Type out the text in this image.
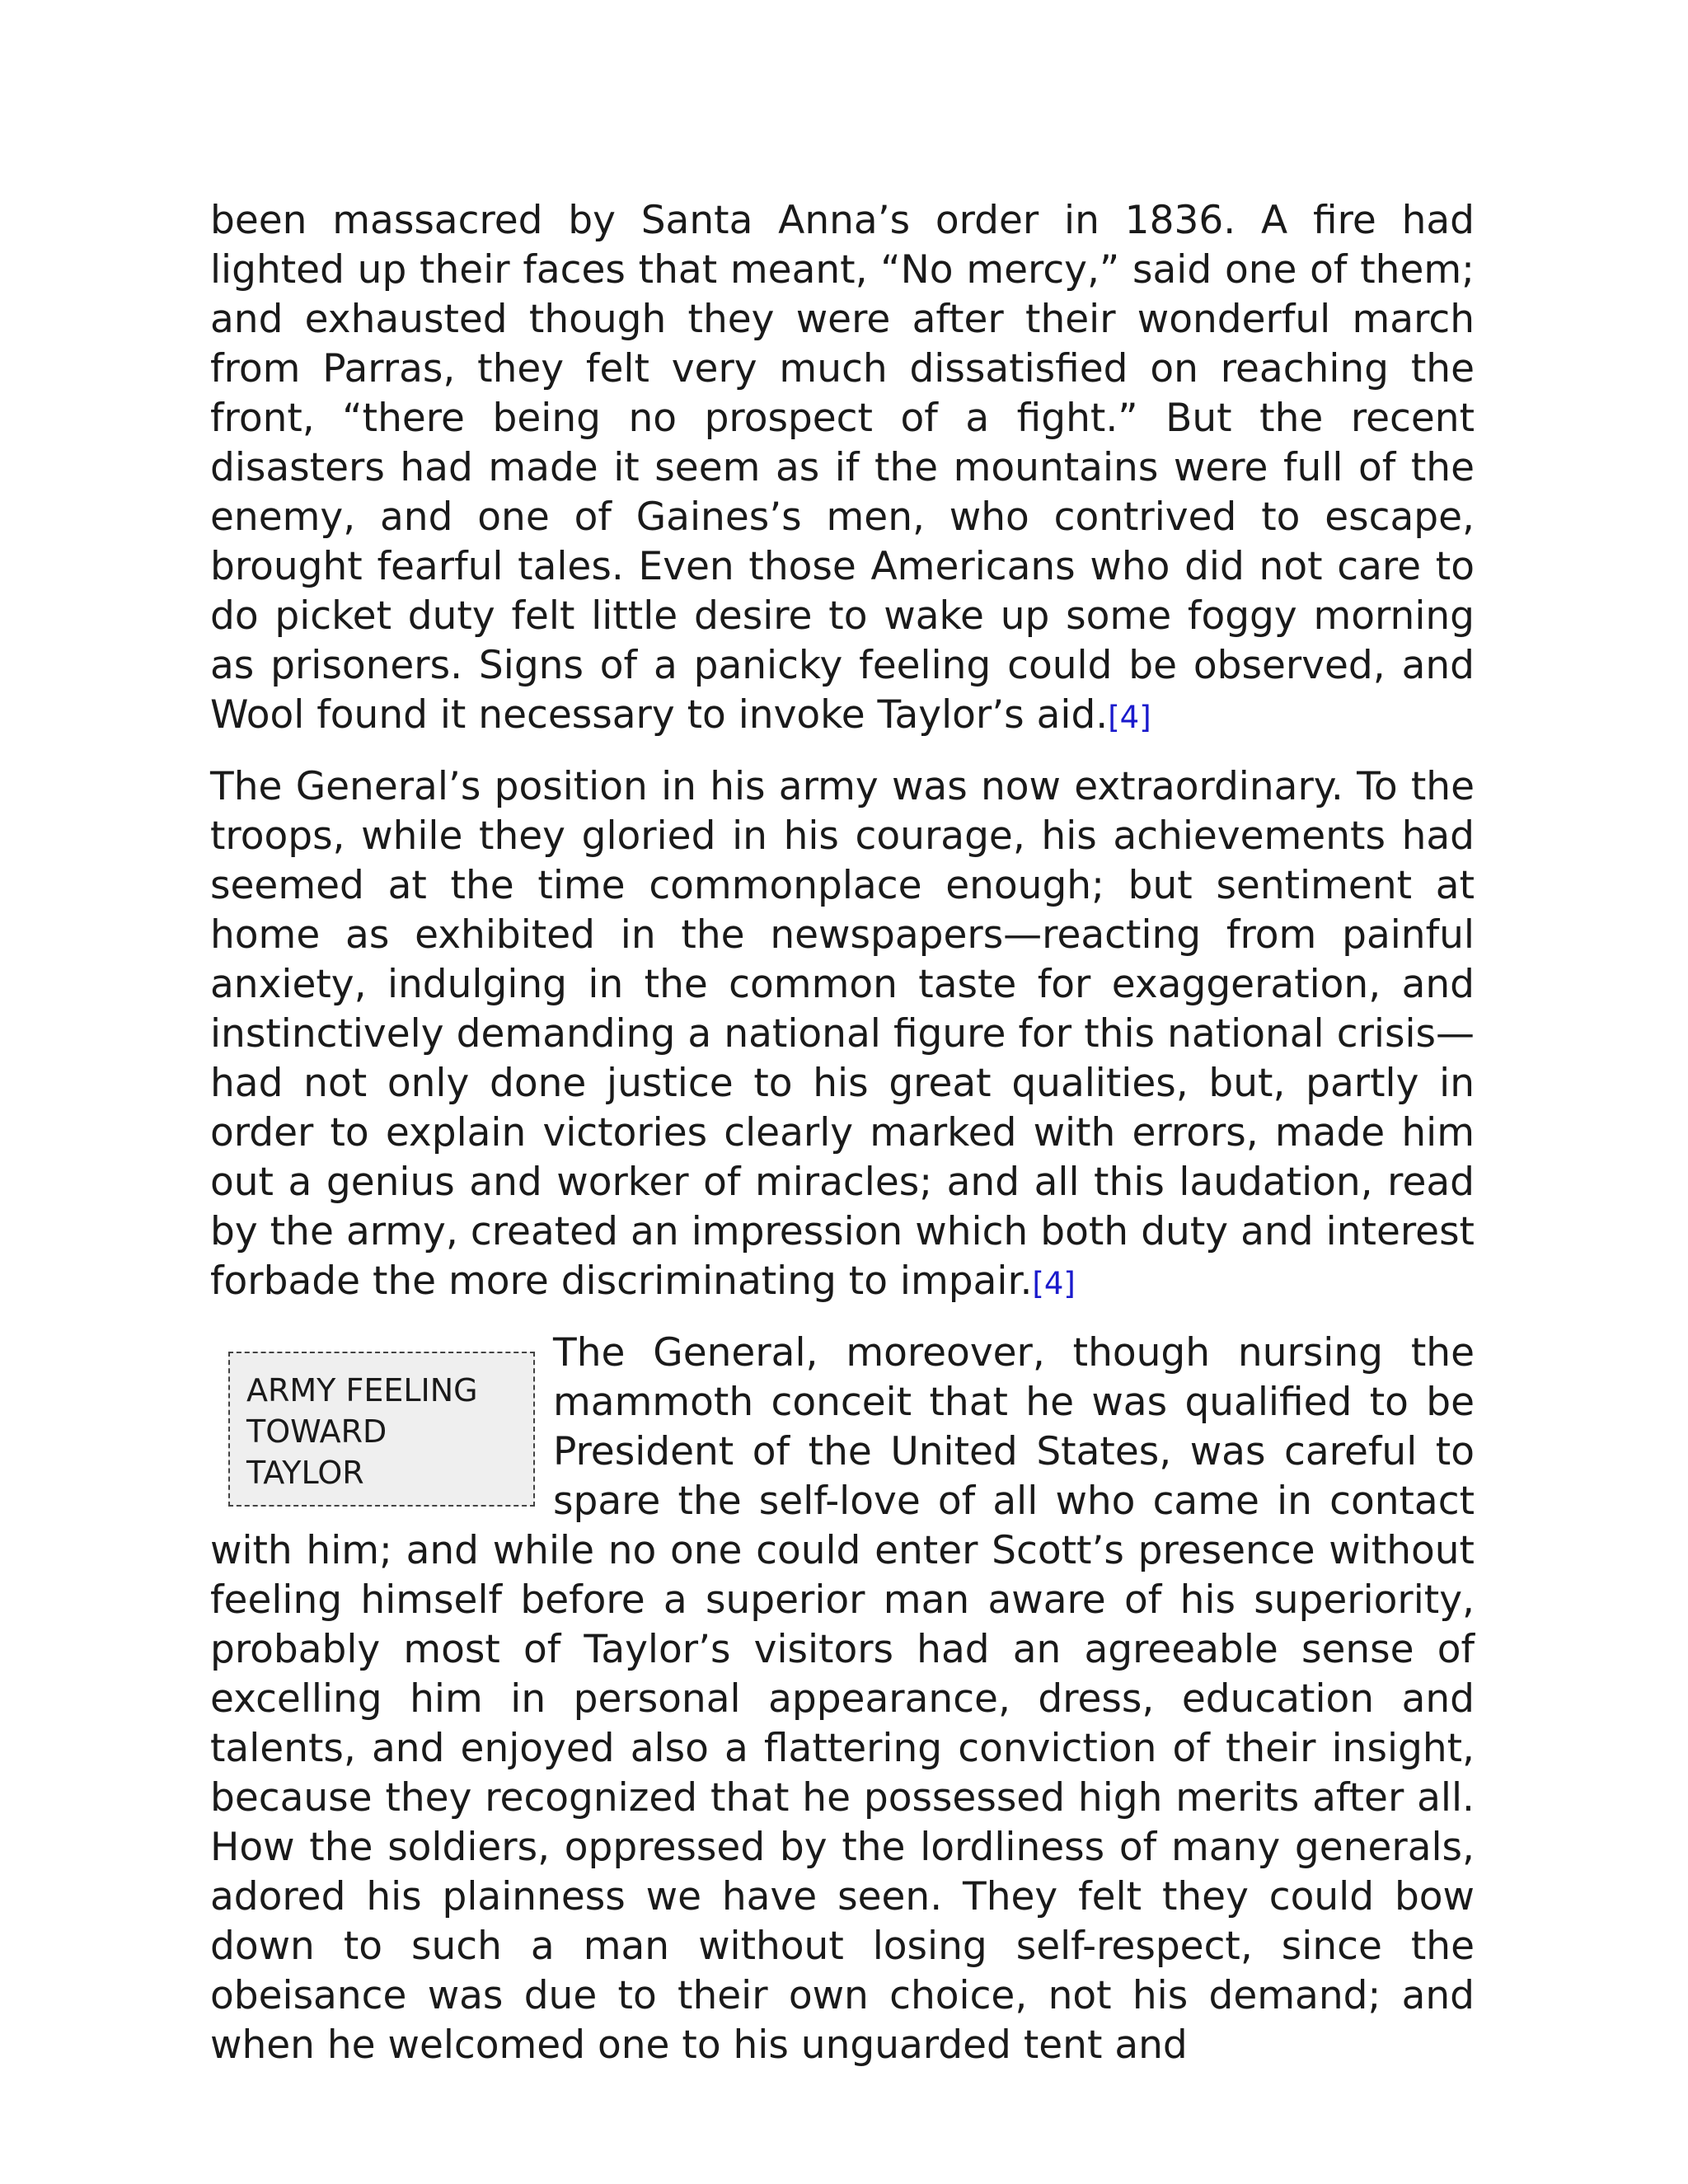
been massacred by Santa Anna’s order in 1836. A fire had lighted up their faces that meant, “No mercy,” said one of them; and exhausted though they were after their wonderful march from Parras, they felt very much dissatisfied on reaching the front, “there being no prospect of a fight.” But the recent disasters had made it seem as if the mountains were full of the enemy, and one of Gaines’s men, who contrived to escape, brought fearful tales. Even those Americans who did not care to do picket duty felt little desire to wake up some foggy morning as prisoners. Signs of a panicky feeling could be observed, and Wool found it necessary to invoke Taylor’s aid.[4]

The General’s position in his army was now extraordinary. To the troops, while they gloried in his courage, his achievements had seemed at the time commonplace enough; but sentiment at home as exhibited in the newspapers—reacting from painful anxiety, indulging in the common taste for exaggeration, and instinctively demanding a national figure for this national crisis—had not only done justice to his great qualities, but, partly in order to explain victories clearly marked with errors, made him out a genius and worker of miracles; and all this laudation, read by the army, created an impression which both duty and interest forbade the more discriminating to impair.[4]

ARMY FEELING
TOWARD
TAYLOR
The General, moreover, though nursing the mammoth conceit that he was qualified to be President of the United States, was careful to spare the self-love of all who came in contact with him; and while no one could enter Scott’s presence without feeling himself before a superior man aware of his superiority, probably most of Taylor’s visitors had an agreeable sense of excelling him in personal appearance, dress, education and talents, and enjoyed also a flattering conviction of their insight, because they recognized that he possessed high merits after all. How the soldiers, oppressed by the lordliness of many generals, adored his plainness we have seen. They felt they could bow down to such a man without losing self-respect, since the obeisance was due to their own choice, not his demand; and when he welcomed one to his unguarded tent and
